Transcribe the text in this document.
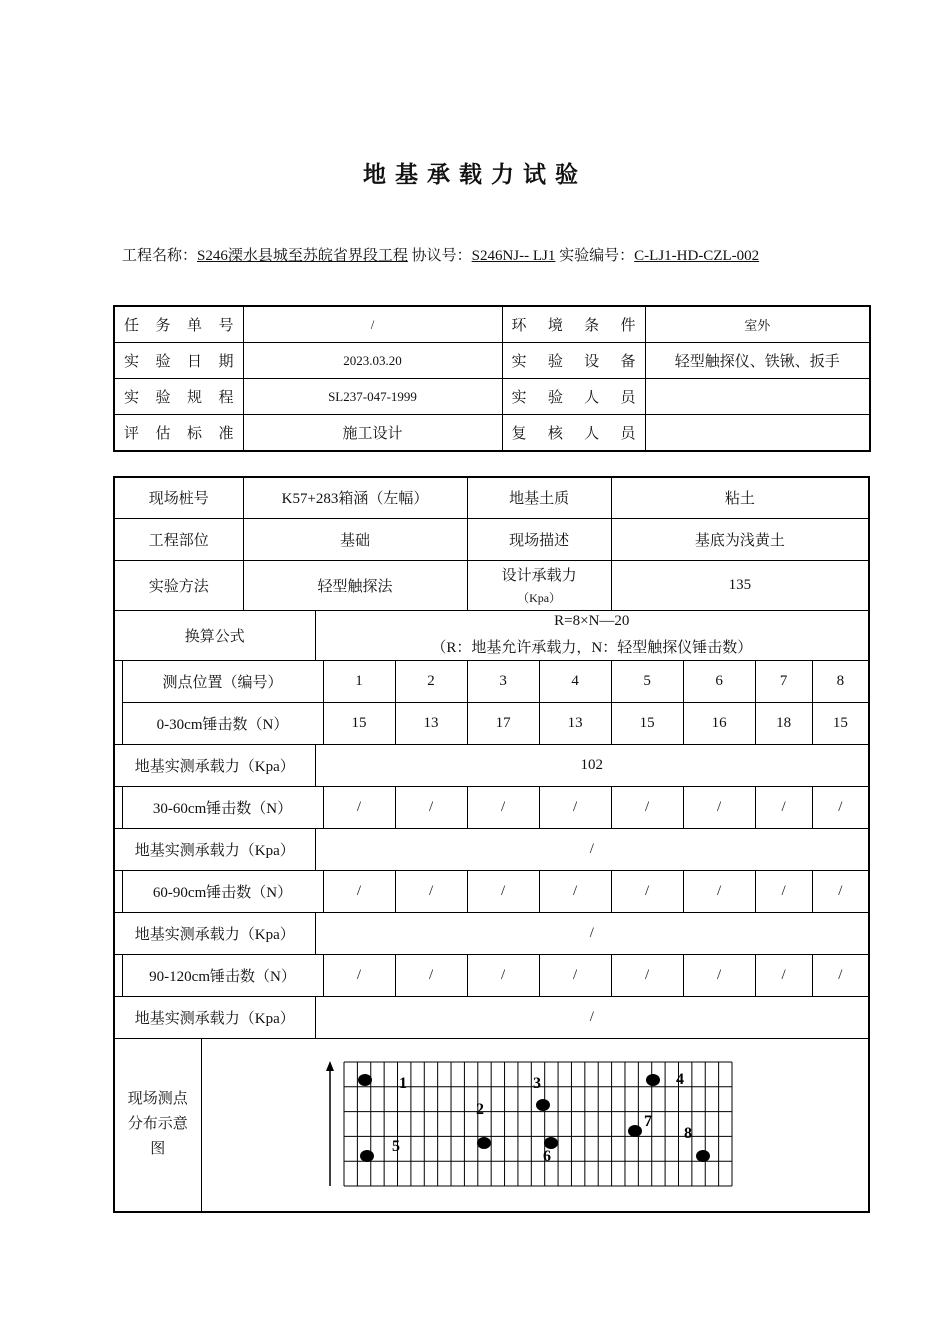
地基承载力试验
工程名称：S246溧水县城至苏皖省界段工程 协议号：S246NJ-- LJ1 实验编号：C-LJ1-HD-CZL-002
任 务 单 号	/	环 境 条 件	室外

实 验 日 期	2023.03.20	实 验 设 备	轻型触探仪、铁锹、扳手

实 验 规 程	SL237-047-1999	实 验 人 员	

评 估 标 准	施工设计	复 核 人 员	

现场桩号			K57+283箱涵（左幅）				地基土质		粘土			
工程部位			基础				现场描述		基底为浅黄土			
实验方法			轻型触探法				设计承载力
（Kpa）		135			
换算公式				R=8×N—20
（R：地基允许承载力，N：轻型触探仪锤击数）								

	测点位置（编号）				1	2	3	4	5	6	7	8
	0-30cm锤击数（N）				15	13	17	13	15	16	18	15
地基实测承载力（Kpa）				102								
	30-60cm锤击数（N）				/	/	/	/	/	/	/	/
地基实测承载力（Kpa）				/								
	60-90cm锤击数（N）				/	/	/	/	/	/	/	/
地基实测承载力（Kpa）				/								
	90-120cm锤击数（N）				/	/	/	/	/	/	/	/
地基实测承载力（Kpa）				/								

现场测点分布示意图												

1
2
3	4
5
6
7
8
